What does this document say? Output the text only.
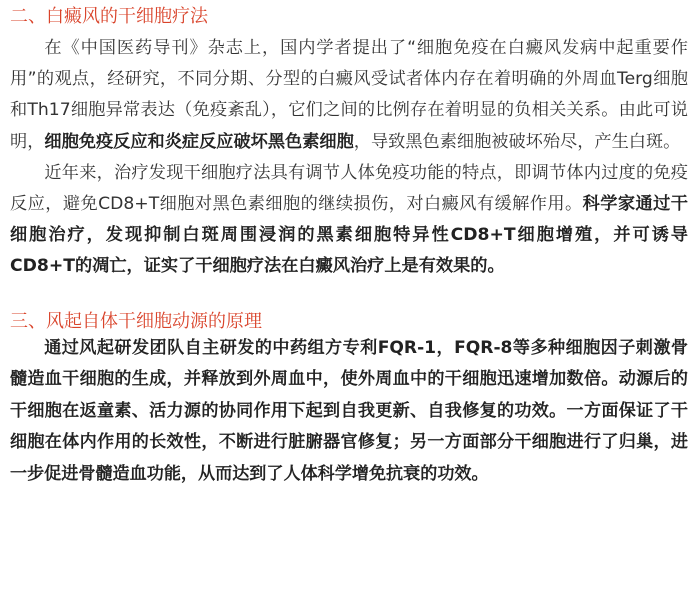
二、白癜风的干细胞疗法

在《中国医药导刊》杂志上，国内学者提出了“细胞免疫在白癜风发病中起重要作用”的观点，经研究，不同分期、分型的白癜风受试者体内存在着明确的外周血Terg细胞和Th17细胞异常表达（免疫紊乱），它们之间的比例存在着明显的负相关关系。由此可说明，细胞免疫反应和炎症反应破坏黑色素细胞，导致黑色素细胞被破坏殆尽，产生白斑。

近年来，治疗发现干细胞疗法具有调节人体免疫功能的特点，即调节体内过度的免疫反应，避免CD8+T细胞对黑色素细胞的继续损伤，对白癜风有缓解作用。科学家通过干细胞治疗，发现抑制白斑周围浸润的黑素细胞特异性CD8+T细胞增殖，并可诱导CD8+T的凋亡，证实了干细胞疗法在白癜风治疗上是有效果的。

三、风起自体干细胞动源的原理

通过风起研发团队自主研发的中药组方专利FQR-1，FQR-8等多种细胞因子刺激骨髓造血干细胞的生成，并释放到外周血中，使外周血中的干细胞迅速增加数倍。动源后的干细胞在返童素、活力源的协同作用下起到自我更新、自我修复的功效。一方面保证了干细胞在体内作用的长效性，不断进行脏腑器官修复；另一方面部分干细胞进行了归巢，进一步促进骨髓造血功能，从而达到了人体科学增免抗衰的功效。
